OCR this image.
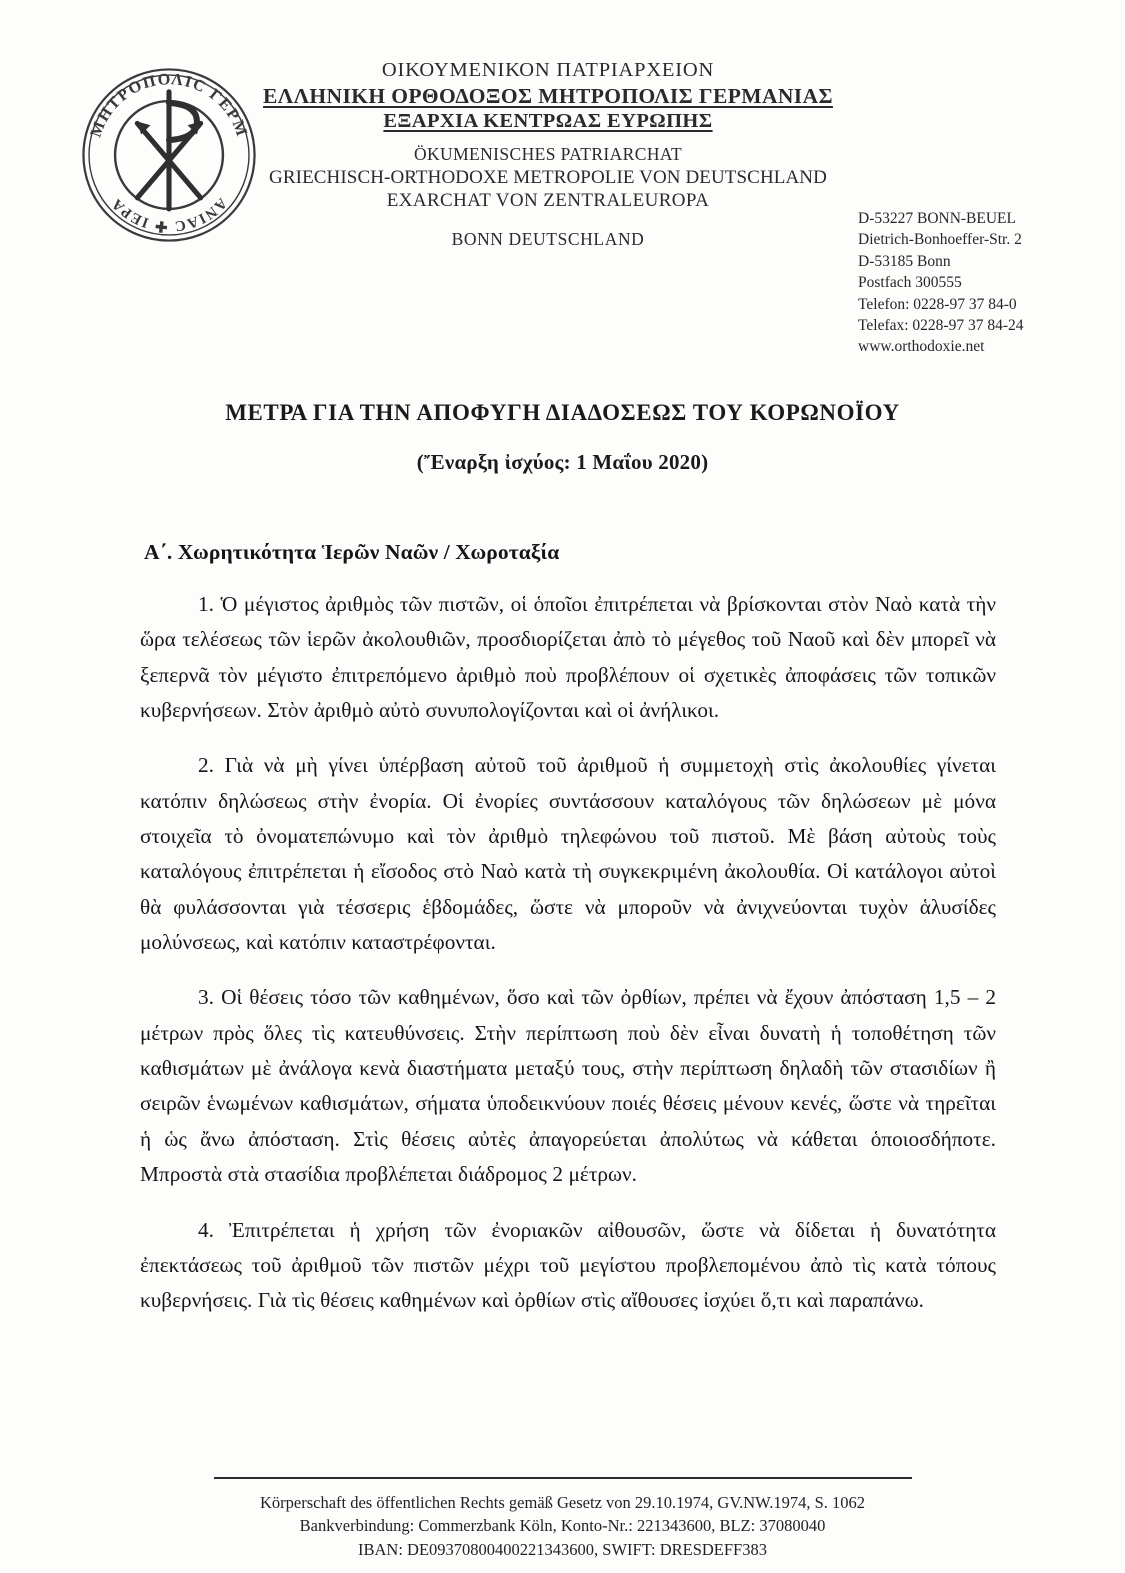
ΜΗΤΡΟΠΟΛΙC ΓΕΡΜ
ANIAC ✚ IEPA
ΟΙΚΟΥΜΕΝΙΚΟΝ ΠΑΤΡΙΑΡΧΕΙΟΝ
ΕΛΛΗΝΙΚΗ ΟΡΘΟΔΟΞΟΣ ΜΗΤΡΟΠΟΛΙΣ ΓΕΡΜΑΝΙΑΣ
ΕΞΑΡΧΙΑ ΚΕΝΤΡΩΑΣ ΕΥΡΩΠΗΣ
ÖKUMENISCHES PATRIARCHAT
GRIECHISCH-ORTHODOXE METROPOLIE VON DEUTSCHLAND
EXARCHAT VON ZENTRALEUROPA
BONN DEUTSCHLAND
D-53227 BONN-BEUEL
Dietrich-Bonhoeffer-Str. 2
D-53185 Bonn
Postfach 300555
Telefon: 0228-97 37 84-0
Telefax: 0228-97 37 84-24
www.orthodoxie.net
ΜΕΤΡΑ ΓΙΑ ΤΗΝ ΑΠΟΦΥΓΗ ΔΙΑΔΟΣΕΩΣ ΤΟΥ ΚΟΡΩΝΟΪΟΥ
(Ἔναρξη ἰσχύος: 1 Μαΐου 2020)
Α΄. Χωρητικότητα Ἱερῶν Ναῶν / Χωροταξία

1. Ὁ μέγιστος ἀριθμὸς τῶν πιστῶν, οἱ ὁποῖοι ἐπιτρέπεται νὰ βρίσκονται στὸν Ναὸ κατὰ τὴν ὥρα τελέσεως τῶν ἱερῶν ἀκολουθιῶν, προσδιορίζεται ἀπὸ τὸ μέγεθος τοῦ Ναοῦ καὶ δὲν μπορεῖ νὰ ξεπερνᾶ τὸν μέγιστο ἐπιτρεπόμενο ἀριθμὸ ποὺ προβλέπουν οἱ σχετικὲς ἀποφάσεις τῶν τοπικῶν κυβερνήσεων. Στὸν ἀριθμὸ αὐτὸ συνυπολογίζονται καὶ οἱ ἀνήλικοι.

2. Γιὰ νὰ μὴ γίνει ὑπέρβαση αὐτοῦ τοῦ ἀριθμοῦ ἡ συμμετοχὴ στὶς ἀκολουθίες γίνεται κατόπιν δηλώσεως στὴν ἐνορία. Οἱ ἐνορίες συντάσσουν καταλόγους τῶν δηλώσεων μὲ μόνα στοιχεῖα τὸ ὀνοματεπώνυμο καὶ τὸν ἀριθμὸ τηλεφώνου τοῦ πιστοῦ. Μὲ βάση αὐτοὺς τοὺς καταλόγους ἐπιτρέπεται ἡ εἴσοδος στὸ Ναὸ κατὰ τὴ συγκεκριμένη ἀκολουθία. Οἱ κατάλογοι αὐτοὶ θὰ φυλάσσονται γιὰ τέσσερις ἑβδομάδες, ὥστε νὰ μποροῦν νὰ ἀνιχνεύονται τυχὸν ἁλυσίδες μολύνσεως, καὶ κατόπιν καταστρέφονται.

3. Οἱ θέσεις τόσο τῶν καθημένων, ὅσο καὶ τῶν ὀρθίων, πρέπει νὰ ἔχουν ἀπόσταση 1,5 – 2 μέτρων πρὸς ὅλες τὶς κατευθύνσεις. Στὴν περίπτωση ποὺ δὲν εἶναι δυνατὴ ἡ τοποθέτηση τῶν καθισμάτων μὲ ἀνάλογα κενὰ διαστήματα μεταξύ τους, στὴν περίπτωση δηλαδὴ τῶν στασιδίων ἢ σειρῶν ἑνωμένων καθισμάτων, σήματα ὑποδεικνύουν ποιές θέσεις μένουν κενές, ὥστε νὰ τηρεῖται ἡ ὡς ἄνω ἀπόσταση. Στὶς θέσεις αὐτὲς ἀπαγορεύεται ἀπολύτως νὰ κάθεται ὁποιοσδήποτε. Μπροστὰ στὰ στασίδια προβλέπεται διάδρομος 2 μέτρων.

4. Ἐπιτρέπεται ἡ χρήση τῶν ἐνοριακῶν αἰθουσῶν, ὥστε νὰ δίδεται ἡ δυνατότητα ἐπεκτάσεως τοῦ ἀριθμοῦ τῶν πιστῶν μέχρι τοῦ μεγίστου προβλεπομένου ἀπὸ τὶς κατὰ τόπους κυβερνήσεις. Γιὰ τὶς θέσεις καθημένων καὶ ὀρθίων στὶς αἴθουσες ἰσχύει ὅ,τι καὶ παραπάνω.

Körperschaft des öffentlichen Rechts gemäß Gesetz von 29.10.1974, GV.NW.1974, S. 1062
Bankverbindung: Commerzbank Köln, Konto-Nr.: 221343600, BLZ: 37080040
IBAN: DE09370800400221343600, SWIFT: DRESDEFF383
